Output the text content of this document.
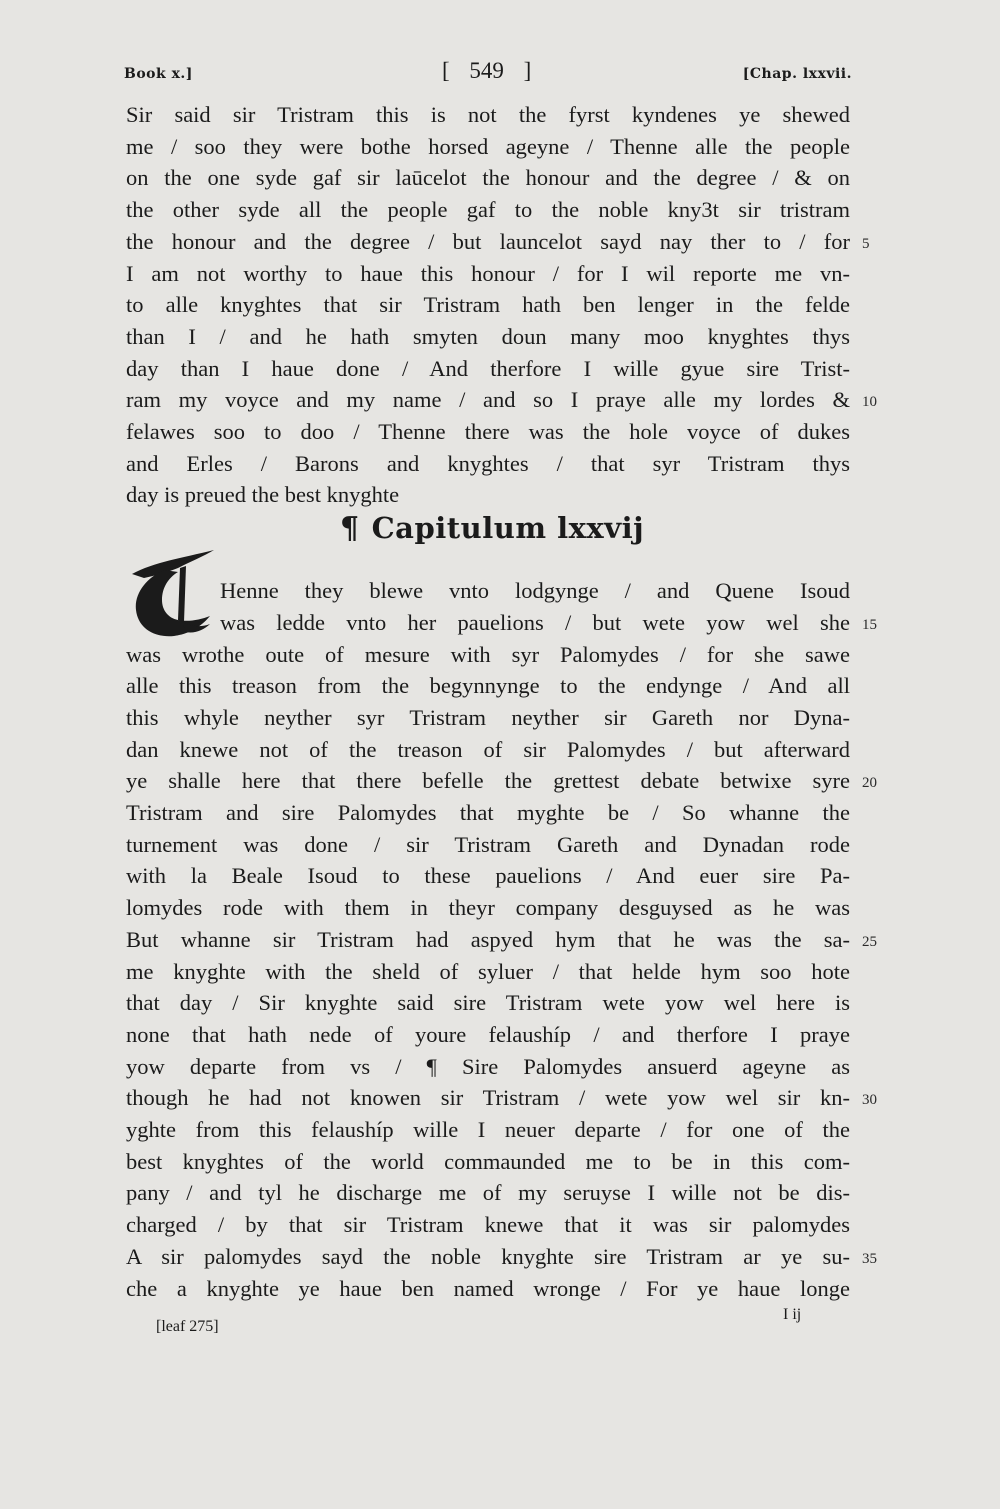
Book x.]	[ 549 ]	[Chap. lxxvii.
Sir said sir Tristram this is not the fyrst kyndenes ye shewed
me / soo they were bothe horsed ageyne / Thenne alle the people
on the one syde gaf sir laūcelot the honour and the degree / & on
the other syde all the people gaf to the noble kny3t sir tristram
the honour and the degree / but launcelot sayd nay ther to / for 5
I am not worthy to haue this honour / for I wil reporte me vn-
to alle knyghtes that sir Tristram hath ben lenger in the felde
than I / and he hath smyten doun many moo knyghtes thys
day than I haue done / And therfore I wille gyue sire Trist-
ram my voyce and my name / and so I praye alle my lordes & 10
felawes soo to doo / Thenne there was the hole voyce of dukes
and Erles / Barons and knyghtes / that syr Tristram thys
day is preued the best knyghte
Henne they blewe vnto lodgynge / and Quene Isoud
was ledde vnto her pauelions / but wete yow wel she 15
was wrothe oute of mesure with syr Palomydes / for she sawe
alle this treason from the begynnynge to the endynge / And all
this whyle neyther syr Tristram neyther sir Gareth nor Dyna-
dan knewe not of the treason of sir Palomydes / but afterward
ye shalle here that there befelle the grettest debate betwixe syre 20
Tristram and sire Palomydes that myghte be / So whanne the
turnement was done / sir Tristram Gareth and Dynadan rode
with la Beale Isoud to these pauelions / And euer sire Pa-
lomydes rode with them in theyr company desguysed as he was
But whanne sir Tristram had aspyed hym that he was the sa- 25
me knyghte with the sheld of syluer / that helde hym soo hote
that day / Sir knyghte said sire Tristram wete yow wel here is
none that hath nede of youre felaushíp / and therfore I praye
yow departe from vs / ¶ Sire Palomydes ansuerd ageyne as
though he had not knowen sir Tristram / wete yow wel sir kn- 30
yghte from this felaushíp wille I neuer departe / for one of the
best knyghtes of the world commaunded me to be in this com-
pany / and tyl he discharge me of my seruyse I wille not be dis-
charged / by that sir Tristram knewe that it was sir palomydes
A sir palomydes sayd the noble knyghte sire Tristram ar ye su- 35
che a knyghte ye haue ben named wronge / For ye haue longe
¶ Capitulum lxxvij
[leaf 275]
I ij
